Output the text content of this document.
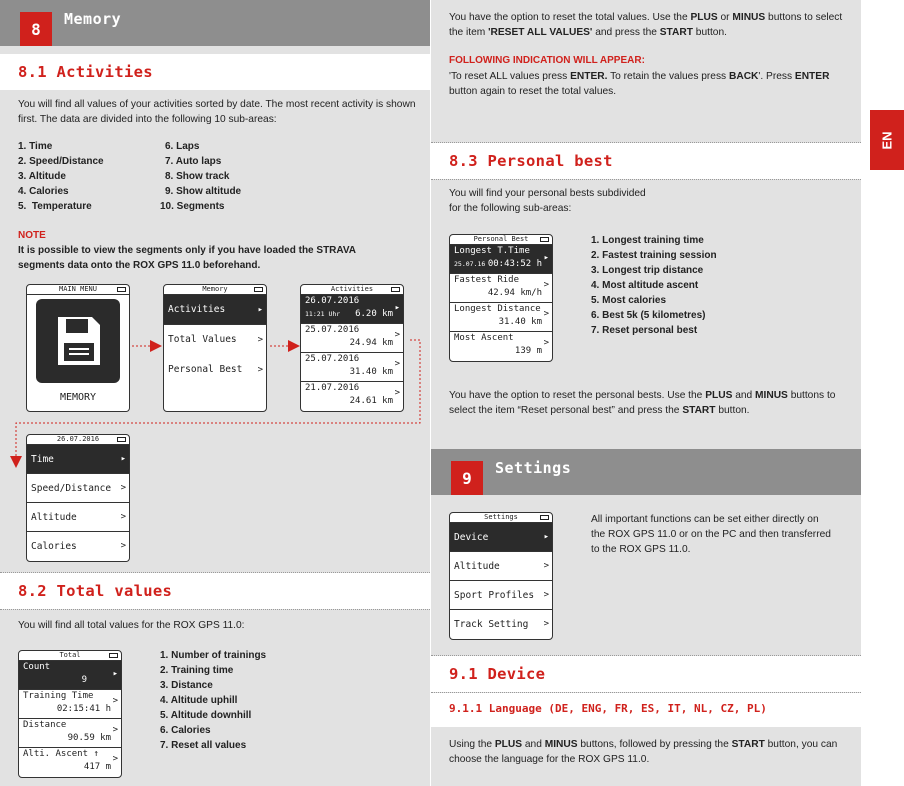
8
Memory
8.1 Activities
You will find all values of your activities sorted by date. The most recent activity is shown first. The data are divided into the following 10 sub-areas:
1. Time
2. Speed/Distance
3. Altitude
4. Calories
5.  Temperature
6. Laps
7. Auto laps
8. Show track
9. Show altitude
10. Segments
NOTE
It is possible to view the segments only if you have loaded the STRAVA segments data onto the ROX GPS 11.0 beforehand.
MAIN MENU
MEMORY
Memory
Activities	▸
Total Values >
Personal Best >
Activities
26.07.2016
11:21 Uhr	6.20 km
▸
25.07.2016
24.94 km
>
25.07.2016
31.40 km
>
21.07.2016
24.61 km
>
26.07.2016
Time	▸
Speed/Distance >
Altitude	>
Calories	>
8.2 Total values
You will find all total values for the ROX GPS 11.0:
Total
Count
9
▸
Training Time
02:15:41 h
>
Distance
90.59 km
>
Alti. Ascent ↑
417 m
>
1. Number of trainings
2. Training time
3. Distance
4. Altitude uphill
5. Altitude downhill
6. Calories
7. Reset all values
You have the option to reset the total values. Use the PLUS or MINUS buttons to select the item 'RESET ALL VALUES' and press the START button.
FOLLOWING INDICATION WILL APPEAR:
'To reset ALL values press ENTER. To retain the values press BACK'. Press ENTER button again to reset the total values.
8.3 Personal best
You will find your personal bests subdivided
for the following sub-areas:
Personal Best
Longest T.Time
25.07.16 00:43:52 h
▸
Fastest Ride
42.94 km/h
>
Longest Distance
31.40 km
>
Most Ascent
139 m
>
1. Longest training time
2. Fastest training session
3. Longest trip distance
4. Most altitude ascent
5. Most calories
6. Best 5k (5 kilometres)
7. Reset personal best
You have the option to reset the personal bests. Use the PLUS and MINUS buttons to select the item “Reset personal best” and press the START button.
9
Settings
Settings
Device	▸
Altitude	>
Sport Profiles >
Track Setting >
All important functions can be set either directly on the ROX GPS 11.0 or on the PC and then transferred to the ROX GPS 11.0.
9.1 Device
9.1.1 Language (DE, ENG, FR, ES, IT, NL, CZ, PL)
Using the PLUS and MINUS buttons, followed by pressing the START button, you can choose the language for the ROX GPS 11.0.
EN
